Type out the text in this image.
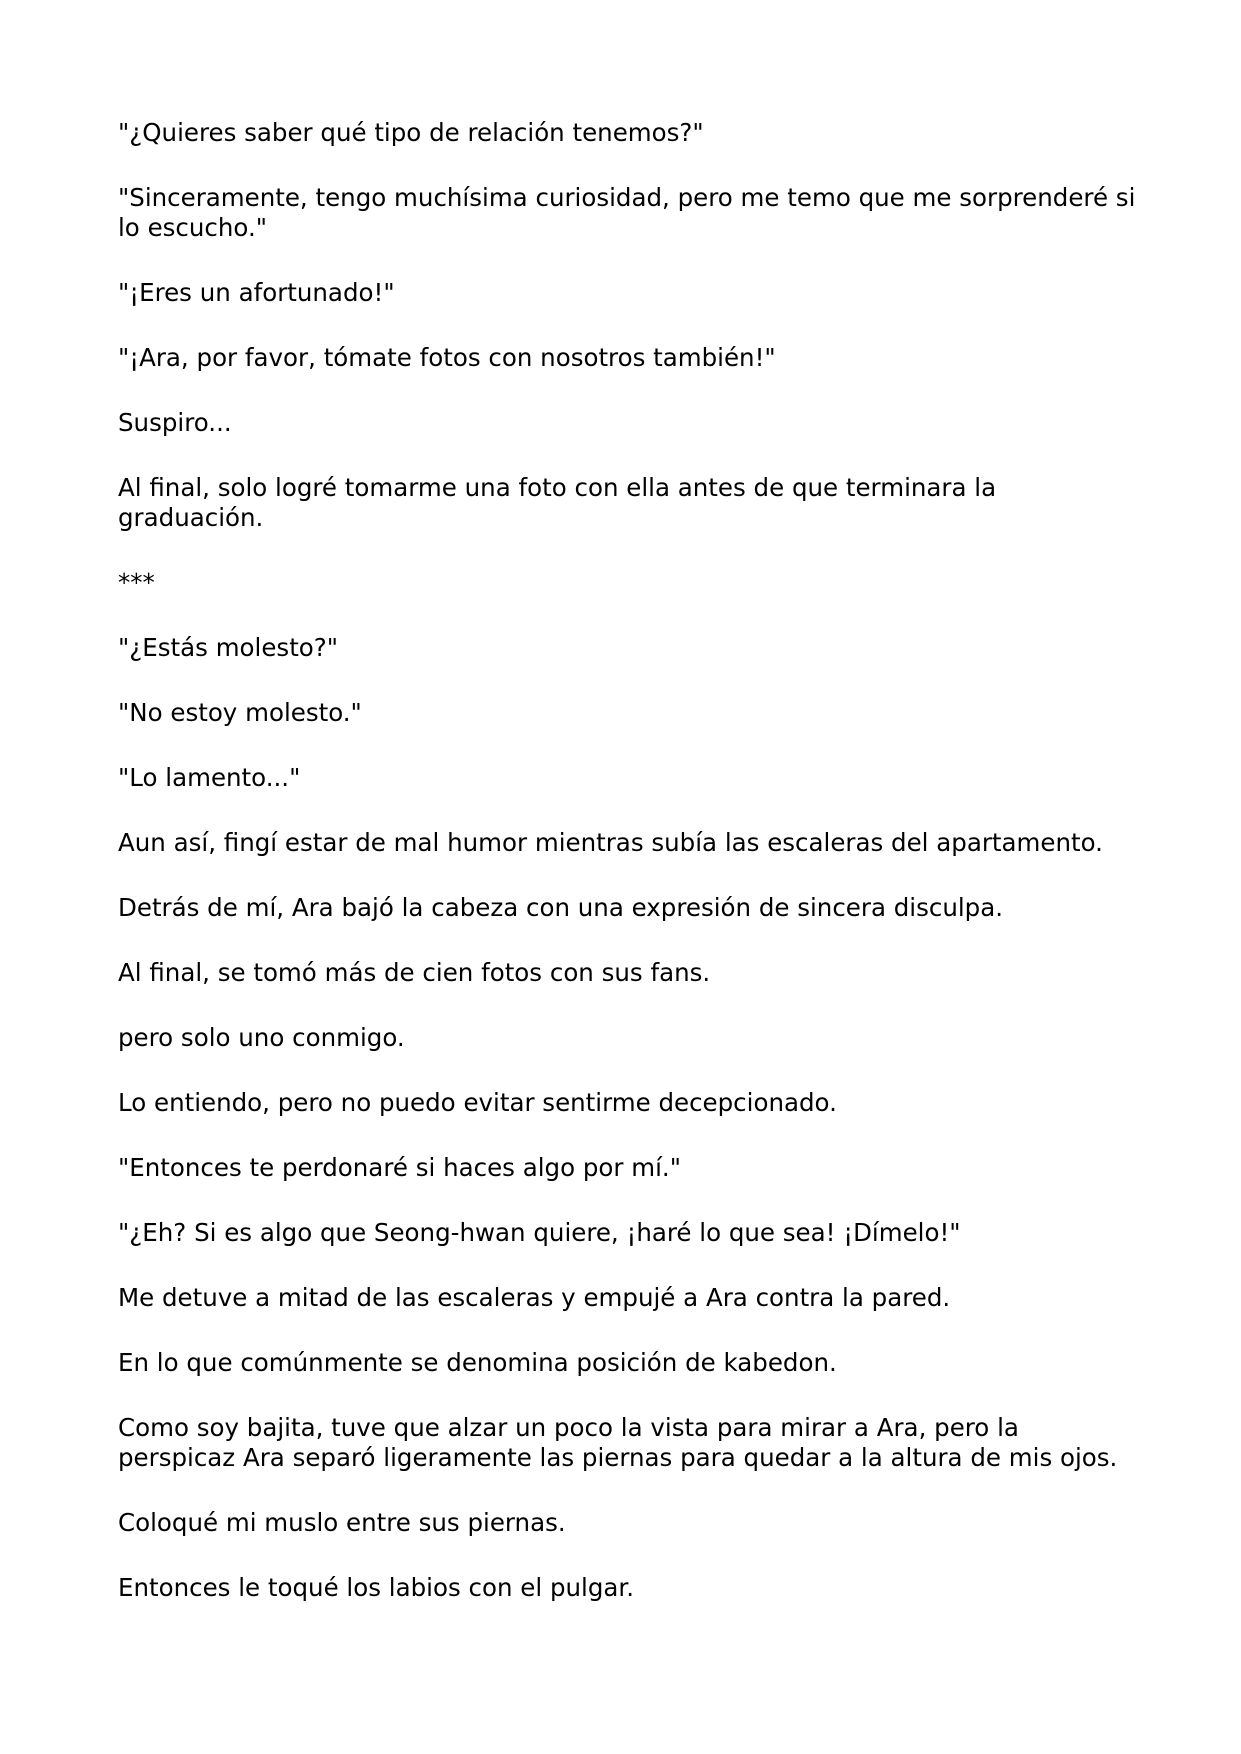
"¿Quieres saber qué tipo de relación tenemos?"

"Sinceramente, tengo muchísima curiosidad, pero me temo que me sorprenderé si lo escucho."

"¡Eres un afortunado!"

"¡Ara, por favor, tómate fotos con nosotros también!"

Suspiro...

Al final, solo logré tomarme una foto con ella antes de que terminara la graduación.

***

"¿Estás molesto?"

"No estoy molesto."

"Lo lamento..."

Aun así, fingí estar de mal humor mientras subía las escaleras del apartamento.

Detrás de mí, Ara bajó la cabeza con una expresión de sincera disculpa.

Al final, se tomó más de cien fotos con sus fans.

pero solo uno conmigo.

Lo entiendo, pero no puedo evitar sentirme decepcionado.

"Entonces te perdonaré si haces algo por mí."

"¿Eh? Si es algo que Seong-hwan quiere, ¡haré lo que sea! ¡Dímelo!"

Me detuve a mitad de las escaleras y empujé a Ara contra la pared.

En lo que comúnmente se denomina posición de kabedon.

Como soy bajita, tuve que alzar un poco la vista para mirar a Ara, pero la perspicaz Ara separó ligeramente las piernas para quedar a la altura de mis ojos.

Coloqué mi muslo entre sus piernas.

Entonces le toqué los labios con el pulgar.
